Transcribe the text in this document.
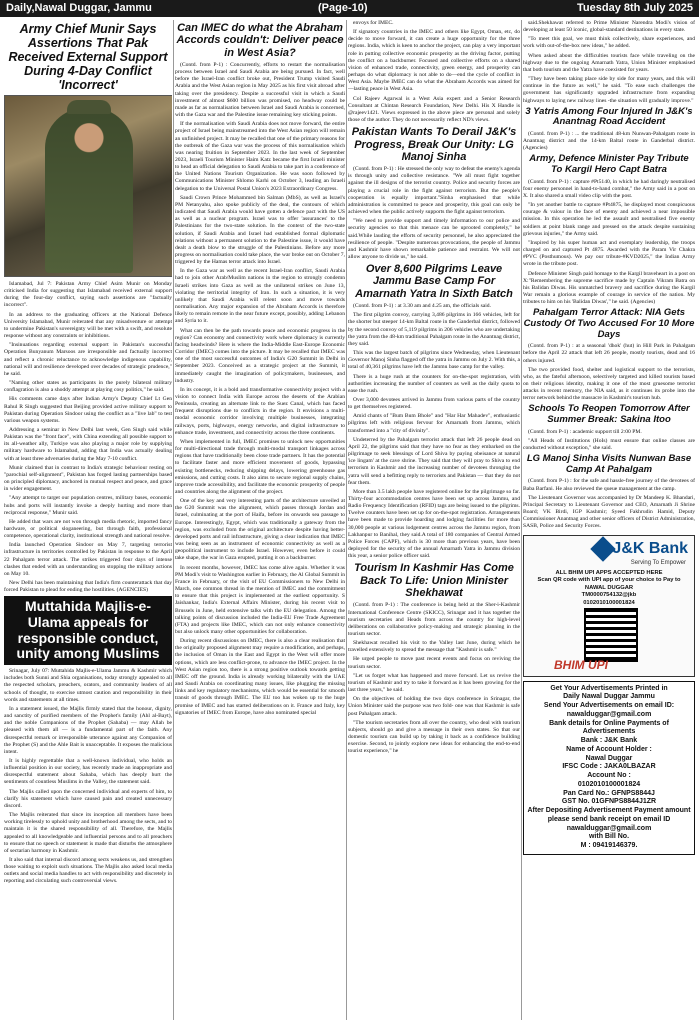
Daily,Nawal Duggar, Jammu	(Page-10)	Tuesday 8th July 2025
Army Chief Munir Says Assertions That Pak Received External Support During 4-Day Conflict 'Incorrect'

Islamabad, Jul 7: Pakistan Army Chief Asim Munir on Monday criticised India for suggesting that Islamabad received external support during the four-day conflict, saying such assertions are "factually incorrect".

In an address to the graduating officers at the National Defence University Islamabad, Munir reiterated that any misadventure or attempt to undermine Pakistan's sovereignty will be met with a swift, and resolute response without any constraints or inhibitions.

"Insinuations regarding external support in Pakistan's successful Operation Bunyanum Marsoos are irresponsible and factually incorrect and reflect a chronic reluctance to acknowledge indigenous capability, national will and resilience developed over decades of strategic prudence," he said.

"Naming other states as participants in the purely bilateral military conflagration is also a shoddy attempt at playing cosy politics," he said.

His comments came days after Indian Army's Deputy Chief Lt Gen Rahul R Singh suggested that Beijing provided active military support to Pakistan during Operation Sindoor using the conflict as a "live lab" to test various weapon systems.

Addressing a seminar in New Delhi last week, Gen Singh said while Pakistan was the "front face", with China extending all possible support to its all-weather ally, Turkiye was also playing a major role by supplying military hardware to Islamabad, adding that India was actually dealing with at least three adversaries during the May 7-10 conflict.

Munir claimed that in contrast to India's strategic behaviour resting on "parochial self-alignment", Pakistan has forged lasting partnerships based on principled diplomacy, anchored in mutual respect and peace, and grace in wider engagement.

"Any attempt to target our population centres, military bases, economic hubs and ports will instantly invoke a deeply hurting and more than reciprocal response," Munir said.

He added that wars are not won through media rhetoric, imported fancy hardware, or political sloganeering, but through faith, professional competence, operational clarity, institutional strength and national resolve.

India launched Operation Sindoor on May 7, targeting terrorist infrastructure in territories controlled by Pakistan in response to the April 22 Pahalgam terror attack. The strikes triggered four days of intense clashes that ended with an understanding on stopping the military actions on May 10.

New Delhi has been maintaining that India's firm counterattack that day forced Pakistan to plead for ending the hostilities. (AGENCIES)

Muttahida Majlis-e-Ulama appeals for responsible conduct, unity among Muslims

Srinagar, July 07: Muttahida Majlis-e-Ulama Jammu & Kashmir which includes both Sunni and Shia organisations, today strongly appealed to all the respected scholars, preachers, orators, and community leaders of all schools of thought, to exercise utmost caution and responsibility in their words and statements at all times.

In a statement issued, the Majlis firmly stated that the honour, dignity, and sanctity of purified members of the Prophet's family (Ahl al-Bayt), and the noble Companions of the Prophet (Sahaba) — may Allah be pleased with them all — is a fundamental part of the faith. Any disrespectful remark or irresponsible utterance against any Companion of the Prophet (S) and the Ahle Bait is unacceptable. It exposes the malicious intent.

It is highly regrettable that a well-known individual, who holds an influential position in our society, has recently made an inappropriate and disrespectful statement about Sahaba, which has deeply hurt the sentiments of countless Muslims in the Valley, the statement said.

The Majlis called upon the concerned individual and experts of him, to clarify his statement which have caused pain and created unnecessary discord.

The Majlis reiterated that since its inception all members have been working tirelessly to uphold unity and brotherhood among the sects, and to maintain it is the shared responsibility of all. Therefore, the Majlis appealed to all knowledgeable and influential persons and to all preachers to ensure that no speech or statement is made that disturbs the atmosphere of sectarian harmony in Kashmir.

It also said that internal discord among sects weakens us, and strengthen those waiting to exploit such situations. The Majlis also asked local media outlets and social media handles to act with responsibility and discretely in reporting and circulating such controversial views.

Can IMEC do what the Abraham Accords couldn't: Deliver peace in West Asia?

(Contd. from P-1) : Concurrently, efforts to restart the normalisation process between Israel and Saudi Arabia are being pursued. In fact, well before the Israel-Iran conflict broke out, President Trump visited Saudi Arabia and the West Asian region in May 2025 as his first visit abroad after taking over the presidency. Despite a successful visit in which a Saudi investment of almost $600 billion was promised, no headway could be made as far as normalisation between Israel and Saudi Arabia is concerned, with the Gaza war and the Palestine issue remaining key sticking points.

If the normalisation with Saudi Arabia does not move forward, the entire project of Israel being mainstreamed into the West Asian region will remain an unfinished project. It may be recalled that one of the primary reasons for the outbreak of the Gaza war was the process of this normalisation which was nearing fruition in September 2023. In the last week of September 2023, Israeli Tourism Minister Haim Katz became the first Israeli minister to head an official delegation to Saudi Arabia to take part in a conference of the United Nations Tourism Organization. He was soon followed by Communications Minister Shlomo Karhi on October 3, leading an Israeli delegation to the Universal Postal Union's 2023 Extraordinary Congress.

Saudi Crown Prince Mohammed bin Salman (MbS), as well as Israel's PM Netanyahu, also spoke publicly of the deal, the contours of which indicated that Saudi Arabia would have gotten a defence pact with the US as well as a nuclear program. Israel was to offer 'assurances' to the Palestinians for the two-state solution. In the context of the two-state solution, if Saudi Arabia and Israel had established formal diplomatic relations without a permanent solution to the Palestine issue, it would have dealt a death blow to the struggle of the Palestinians. Before any more progress on normalisation could take place, the war broke out on October 7, triggered by the Hamas terror attack into Israel.

In the Gaza war as well as the recent Israel-Iran conflict, Saudi Arabia had to join other Arab/Muslim nations in the region to strongly condemn Israeli strikes into Gaza as well as the unilateral strikes on June 13, violating the territorial integrity of Iran. In such a situation, it is very unlikely that Saudi Arabia will relent soon and move towards normalisation. Any major expansion of the Abraham Accords is therefore likely to remain remote in the near future except, possibly, adding Lebanon and Syria to it.

What can then be the path towards peace and economic progress in the region? Can economy and connectivity work where diplomacy is currently facing headwinds? Here is where the India-Middle East-Europe Economic Corridor (IMEC) comes into the picture. It may be recalled that IMEC was one of the most successful outcomes of India's G20 Summit in Delhi in September 2023. Conceived as a strategic project at the Summit, it immediately caught the imagination of policymakers, businesses, and industry.

In its concept, it is a bold and transformative connectivity project with a vision to connect India with Europe across the deserts of the Arabian Peninsula, creating an alternate link to the Suez Canal, which has faced frequent disruptions due to conflicts in the region. It envisions a multi-modal economic corridor involving multiple businesses, integrating railways, ports, highways, energy networks, and digital infrastructure to enhance trade, investment, and connectivity across the three continents.

When implemented in full, IMEC promises to unlock new opportunities for multi-directional trade through multi-modal transport linkages across regions that have traditionally been close trade partners. It has the potential to facilitate faster and more efficient movement of goods, bypassing existing bottlenecks, reducing shipping delays, lowering greenhouse gas emissions, and cutting costs. It also aims to secure regional supply chains, improve trade accessibility, and facilitate the economic prosperity of people and countries along the alignment of the project.

One of the key and very interesting parts of the architecture unveiled at the G20 Summit was the alignment, which passes through Jordan and Israel, culminating at the port of Haifa, before its onwards sea passage to Europe. Interestingly, Egypt, which was traditionally a gateway from the region, was excluded from the original architecture despite having better-developed ports and rail infrastructure, giving a clear indication that IMEC was being seen as an instrument of economic connectivity as well as a geopolitical instrument to include Israel. However, even before it could take shape, the war in Gaza erupted, putting it on a backburner.

In recent months, however, IMEC has come alive again. Whether it was PM Modi's visit to Washington earlier in February, the Al Global Summit in France in February, or the visit of EU Commissioners to New Delhi in March, one common thread in the mention of IMEC and the commitment to ensure that this project is implemented at the earliest opportunity. S Jaishankar, India's External Affairs Minister, during his recent visit to Brussels in June, held extensive talks with the EU delegation. Among the talking points of discussion included the India-EU Free Trade Agreement (FTA) and projects like IMEC, which can not only enhance connectivity but also unlock many other opportunities for collaboration.

During recent discussions on IMEC, there is also a clear realisation that the originally proposed alignment may require a modification, and perhaps, the inclusion of Oman in the East and Egypt in the West will offer more options, which are less conflict-prone, to advance the IMEC project. In the West Asian region too, there is a strong positive outlook towards getting IMEC off the ground. India is already working bilaterally with the UAE and Saudi Arabia on coordinating many issues, like plugging the missing links and key regulatory mechanisms, which would be essential for smooth transit of goods through IMEC. The EU too has woken up to the huge promise of IMEC and has started deliberations on it. France and Italy, key signatories of IMEC from Europe, have also nominated special

envoys for IMEC.

If signatory countries in the IMEC and others like Egypt, Oman, etc, do decide to move forward, it can create a huge opportunity for the three regions. India, which is keen to anchor the project, can play a very important role in putting collective economic prosperity as the driving factor, putting the conflict on a backburner. Focused and collective efforts on a shared vision of enhanced trade, connectivity, green energy, and prosperity can perhaps do what diplomacy is not able to do—end the cycle of conflict in West Asia. Maybe IMEC can do what the Abraham Accords was aimed for—lasting peace in West Asia.

Col Rajeev Agarwal is a West Asia expert and a Senior Research Consultant at Chintan Research Foundation, New Delhi. His X Handle is @rajeev1421. Views expressed in the above piece are personal and solely those of the author. They do not necessarily reflect ND's views.

Pakistan Wants To Derail J&K's Progress, Break Our Unity: LG Manoj Sinha

(Contd. from P-1) : He stressed the only way to defeat the enemy's agenda is through unity and collective resistance. "We all must fight together against the ill designs of the terrorist country. Police and security forces are playing a crucial role in the fight against terrorism. But the people's cooperation is equally important."Sinha emphasised that while administration is committed to peace and prosperity, this goal can only be achieved when the public actively supports the fight against terrorism.

"We need to provide support and timely information to our police and security agencies so that this menace can be uprooted completely," he said.While lauding the efforts of security personnel, he also appreciated the resilience of people. "Despite numerous provocations, the people of Jammu and Kashmir have shown remarkable patience and restraint. We will not allow anyone to divide us," he said.

Over 8,600 Pilgrims Leave Jammu Base Camp For Amarnath Yatra In Sixth Batch

(Contd. from P-1) : at 3.30 am and 4.25 am, the officials said.

The first pilgrim convoy, carrying 3,486 pilgrims in 166 vehicles, left for the shorter but steeper 14-km Baltal route in the Ganderbal district, followed by the second convoy of 5,119 pilgrims in 206 vehicles who are undertaking the yatra from the 48-km traditional Pahalgam route in the Anantnag district, they said.

This was the largest batch of pilgrims since Wednesday, when Lieutenant Governor Manoj Sinha flagged off the yatra in Jammu on July 2. With this, a total of 40,361 pilgrims have left the Jammu base camp for the valley.

There is a huge rush at the counters for on-the-spot registration, with authorities increasing the number of counters as well as the daily quota to ease the rush.

Over 3,000 devotees arrived in Jammu from various parts of the country to get themselves registered.

Amid chants of "Bum Bum Bhole" and "Har Har Mahadev", enthusiastic pilgrims left with religious fervour for Amarnath from Jammu, which transformed into a "city of divinity".

Undeterred by the Pahalgam terrorist attack that left 26 people dead on April 22, the pilgrims said that they have no fear as they embarked on the pilgrimage to seek blessings of Lord Shiva by paying obeisance at natural 'ice lingam' at the cave shrine. They said that they will pray to Shiva to end terrorism in Kashmir and the increasing number of devotees thronging the yatra will send a befitting reply to terrorists and Pakistan — that they do not fear them.

More than 3.5 lakh people have registered online for the pilgrimage so far. Thirty-four accommodation centres have been set up across Jammu, and Radio Frequency Identification (RFID) tags are being issued to the pilgrims. Twelve counters have been set up for on-the-spot registration. Arrangements have been made to provide hoarding and lodging facilities for more than 30,000 people at various lodgement centres across the Jammu region, from Lakhanpur to Banihal, they said.A total of 180 companies of Central Armed Police Forces (CAPF), which is 30 more than previous years, have been deployed for the security of the annual Amarnath Yatra in Jammu division this year, a senior police officer said.

Tourism In Kashmir Has Come Back To Life: Union Minister Shekhawat

(Contd. from P-1) : The conference is being held at the Sher-i-Kashmir International Conference Centre (SKICC), Srinagar and it has together the tourism secretaries and Heads from across the country for high-level deliberations on collaborative policy-making and strategic planning in the tourism sector.

Shekhawat recalled his visit to the Valley last June, during which he travelled extensively to spread the message that "Kashmir is safe."

He urged people to move past recent events and focus on reviving the tourism sector.

"Let us forget what has happened and move forward. Let us revive the tourism of Kashmir and try to take it forward as it has been growing for the last three years," he said.

On the objectives of holding the two days conference in Srinagar, the Union Minister said the purpose was two fold- one was that Kashmir is safe post Pahalgam attack.

"The tourism secretaries from all over the country, who deal with tourism subjects, should go and give a message in their own states. So that our domestic tourism can build up by taking it back as a confidence building exercise. Second, to jointly explore new ideas for enhancing the end-to-end tourist experience," he

said.Shekhawat referred to Prime Minister Narendra Modi's vision of developing at least 50 iconic, global-standard destinations in every state.

"To meet this goal, we must think collectively, share experiences, and work with out-of-the-box new ideas," he added.

When asked about the difficulties tourists face while traveling on the highway due to the ongoing Amarnath Yatra, Union Minister emphasised that both tourism and the Yatra have coexisted for years.

"They have been taking place side by side for many years, and this will continue in the future as well," he said. "To ease such challenges the government has significantly upgraded infrastructure from expanding highways to laying new railway lines -the situation will gradually improve."

3 Yatris Among Four Injured In J&K's Anantnag Road Accident

(Contd. from P-1) : ... the traditional 48-km Nunwan-Pahalgam route in Anantnag district and the 14-km Baltal route in Ganderbal district. (Agencies)

Army, Defence Minister Pay Tribute To Kargil Hero Capt Batra

(Contd. from P-1) : capture #Pt5140, in which he had daringly neutralised four enemy personnel in hand-to-hand combat," the Army said in a post on X. It also shared a small video clip with the post.

"In yet another battle to capture #Pt4875, he displayed most conspicuous courage & valour in the face of enemy and achieved a near impossible mission. In this operation he led the assault and neutralised five enemy soldiers at point blank range and pressed on the attack despite sustaining grievous injuries," the Army said.

"Inspired by his super human act and exemplary leadership, the troops charged on and captured Pt 4875. Awarded with the Param Vir Chakra #PVC (Posthumous). We pay our tribute-#KVD2025," the Indian Army wrote in the tribute post.

Defence Minister Singh paid homage to the Kargil braveheart in a post on X:"Remembering the supreme sacrifice made by Captain Vikram Batra on his Balidan Diwas. His unmatched bravery and sacrifice during the Kargil War remain a glorious example of courage in service of the nation. My tributes to him on his 'Balidan Diwas'," he said. (Agencies)

Pahalgam Terror Attack: NIA Gets Custody Of Two Accused For 10 More Days

(Contd. from P-1) : at a seasonal 'dhok' (hut) in Hill Park in Pahalgam before the April 22 attack that left 26 people, mostly tourists, dead and 16 others injured.

The two provided food, shelter and logistical support to the terrorists, who, as the fateful afternoon, selectively targeted and killed tourists based on their religious identity, making it one of the most gruesome terrorist attacks in recent memory, the NIA said, as it continues its probe into the terror network behind the massacre in Kashmir's tourism hub.

Schools To Reopen Tomorrow After Summer Break: Sakina Itoo

(Contd. from P-1) : academic support till 2:00 PM.

"All Heads of Institutions (HoIs) must ensure that online classes are conducted without exception," she said.

LG Manoj Sinha Visits Nunwan Base Camp At Pahalgam

(Contd. from P-1) : for the safe and hassle-free journey of the devotees of Baba Barfani. He also reviewed the queue management at the camp.

The Lieutenant Governor was accompanied by Dr Mandeep K. Bhandari, Principal Secretary to Lieutenant Governor and CEO, Amarnath Ji Shrine Board; VK Birdi, IGP Kashmir; Syeed Fakhrudin Hamid, Deputy Commissioner Anantnag and other senior officers of District Administration, SASB, Police and Security Forces.

J&K Bank
Serving To Empower
ALL BHIM UPI APPS ACCEPTED HERE
Scan QR code with UPI app of your choice to Pay to
NAWAL DUGGAR
TM0000754132@jkb
0102010100001824
BHIM UPI
Get Your Advertisements Printed in
Daily Nawal Duggar Jammu
Send Your Advertisements on email ID:
nawalduggar@gmail.com
Bank details for Online Payments of Advertisements
Bank : J&K Bank
Name of Account Holder :
Nawal Duggar
IFSC Code : JAKA0LBAZAR
Account No :
0102010100001824
Pan Card No.: GFNPS8844J
GST No. 01GFNPS8844J1ZR
After Depositing Advertisement Payment amount please send bank receipt on email ID
nawalduggar@gmail.com
with Bill No.
M : 09419146379.
